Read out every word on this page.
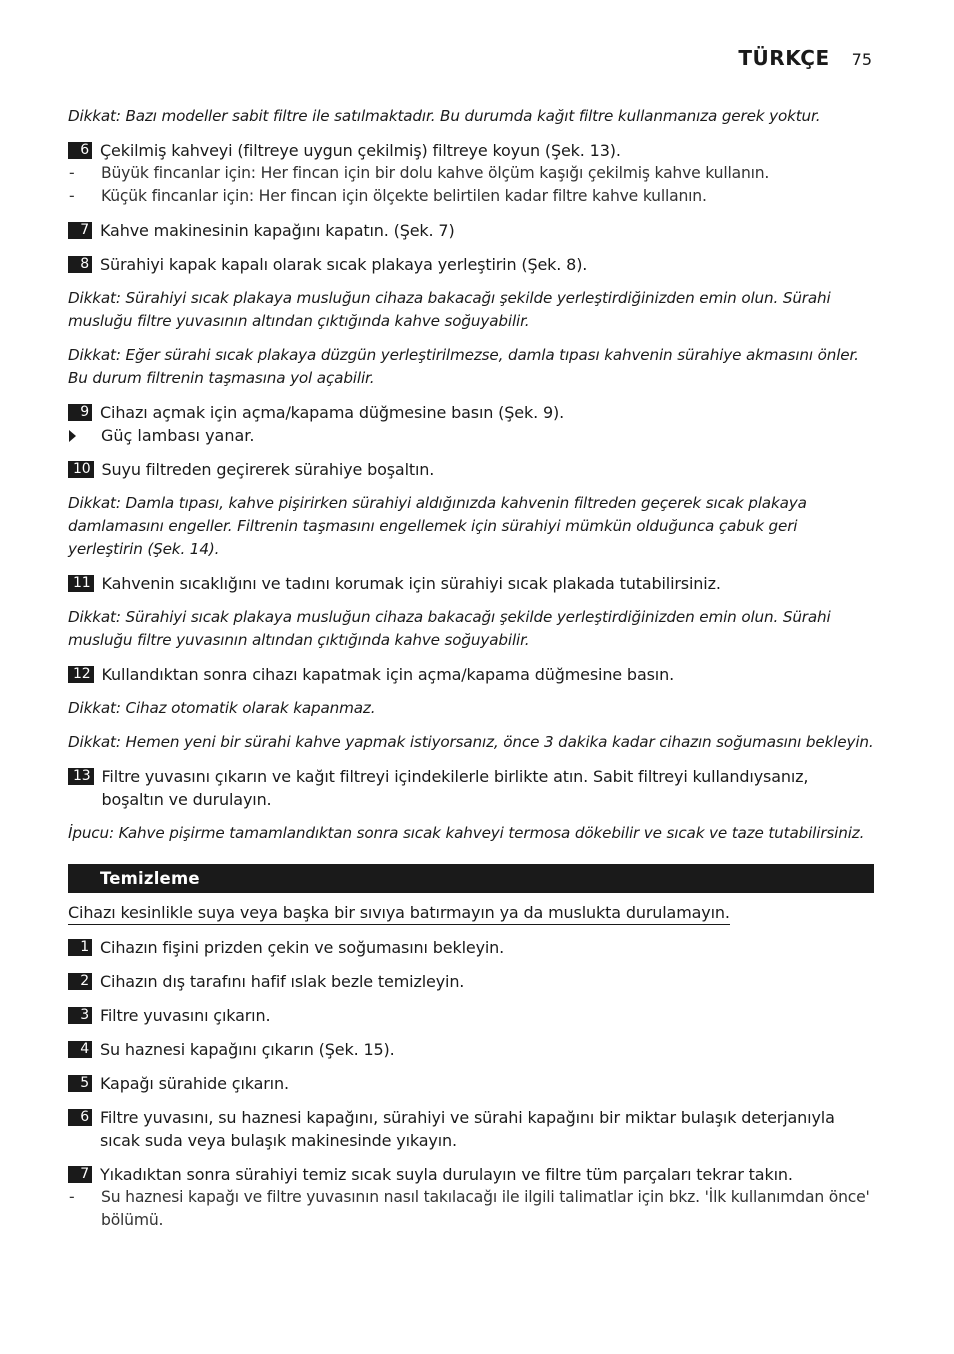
TÜRKÇE 75
Dikkat: Bazı modeller sabit filtre ile satılmaktadır. Bu durumda kağıt filtre kullanmanıza gerek yoktur.
6 Çekilmiş kahveyi (filtreye uygun çekilmiş) filtreye koyun (Şek. 13).
-	Büyük fincanlar için: Her fincan için bir dolu kahve ölçüm kaşığı çekilmiş kahve kullanın.
-	Küçük fincanlar için: Her fincan için ölçekte belirtilen kadar filtre kahve kullanın.
7 Kahve makinesinin kapağını kapatın. (Şek. 7)
8 Sürahiyi kapak kapalı olarak sıcak plakaya yerleştirin (Şek. 8).
Dikkat: Sürahiyi sıcak plakaya musluğun cihaza bakacağı şekilde yerleştirdiğinizden emin olun. Sürahi musluğu filtre yuvasının altından çıktığında kahve soğuyabilir.
Dikkat: Eğer sürahi sıcak plakaya düzgün yerleştirilmezse, damla tıpası kahvenin sürahiye akmasını önler. Bu durum filtrenin taşmasına yol açabilir.
9 Cihazı açmak için açma/kapama düğmesine basın (Şek. 9).
Güç lambası yanar.
10 Suyu filtreden geçirerek sürahiye boşaltın.
Dikkat: Damla tıpası, kahve pişirirken sürahiyi aldığınızda kahvenin filtreden geçerek sıcak plakaya damlamasını engeller. Filtrenin taşmasını engellemek için sürahiyi mümkün olduğunca çabuk geri yerleştirin (Şek. 14).
11 Kahvenin sıcaklığını ve tadını korumak için sürahiyi sıcak plakada tutabilirsiniz.
Dikkat: Sürahiyi sıcak plakaya musluğun cihaza bakacağı şekilde yerleştirdiğinizden emin olun. Sürahi musluğu filtre yuvasının altından çıktığında kahve soğuyabilir.
12 Kullandıktan sonra cihazı kapatmak için açma/kapama düğmesine basın.
Dikkat: Cihaz otomatik olarak kapanmaz.
Dikkat: Hemen yeni bir sürahi kahve yapmak istiyorsanız, önce 3 dakika kadar cihazın soğumasını bekleyin.
13 Filtre yuvasını çıkarın ve kağıt filtreyi içindekilerle birlikte atın. Sabit filtreyi kullandıysanız, boşaltın ve durulayın.
İpucu: Kahve pişirme tamamlandıktan sonra sıcak kahveyi termosa dökebilir ve sıcak ve taze tutabilirsiniz.
Temizleme
Cihazı kesinlikle suya veya başka bir sıvıya batırmayın ya da muslukta durulamayın.
1 Cihazın fişini prizden çekin ve soğumasını bekleyin.
2 Cihazın dış tarafını hafif ıslak bezle temizleyin.
3 Filtre yuvasını çıkarın.
4 Su haznesi kapağını çıkarın (Şek. 15).
5 Kapağı sürahide çıkarın.
6 Filtre yuvasını, su haznesi kapağını, sürahiyi ve sürahi kapağını bir miktar bulaşık deterjanıyla sıcak suda veya bulaşık makinesinde yıkayın.
7 Yıkadıktan sonra sürahiyi temiz sıcak suyla durulayın ve filtre tüm parçaları tekrar takın.
-	Su haznesi kapağı ve filtre yuvasının nasıl takılacağı ile ilgili talimatlar için bkz. 'İlk kullanımdan önce' bölümü.
